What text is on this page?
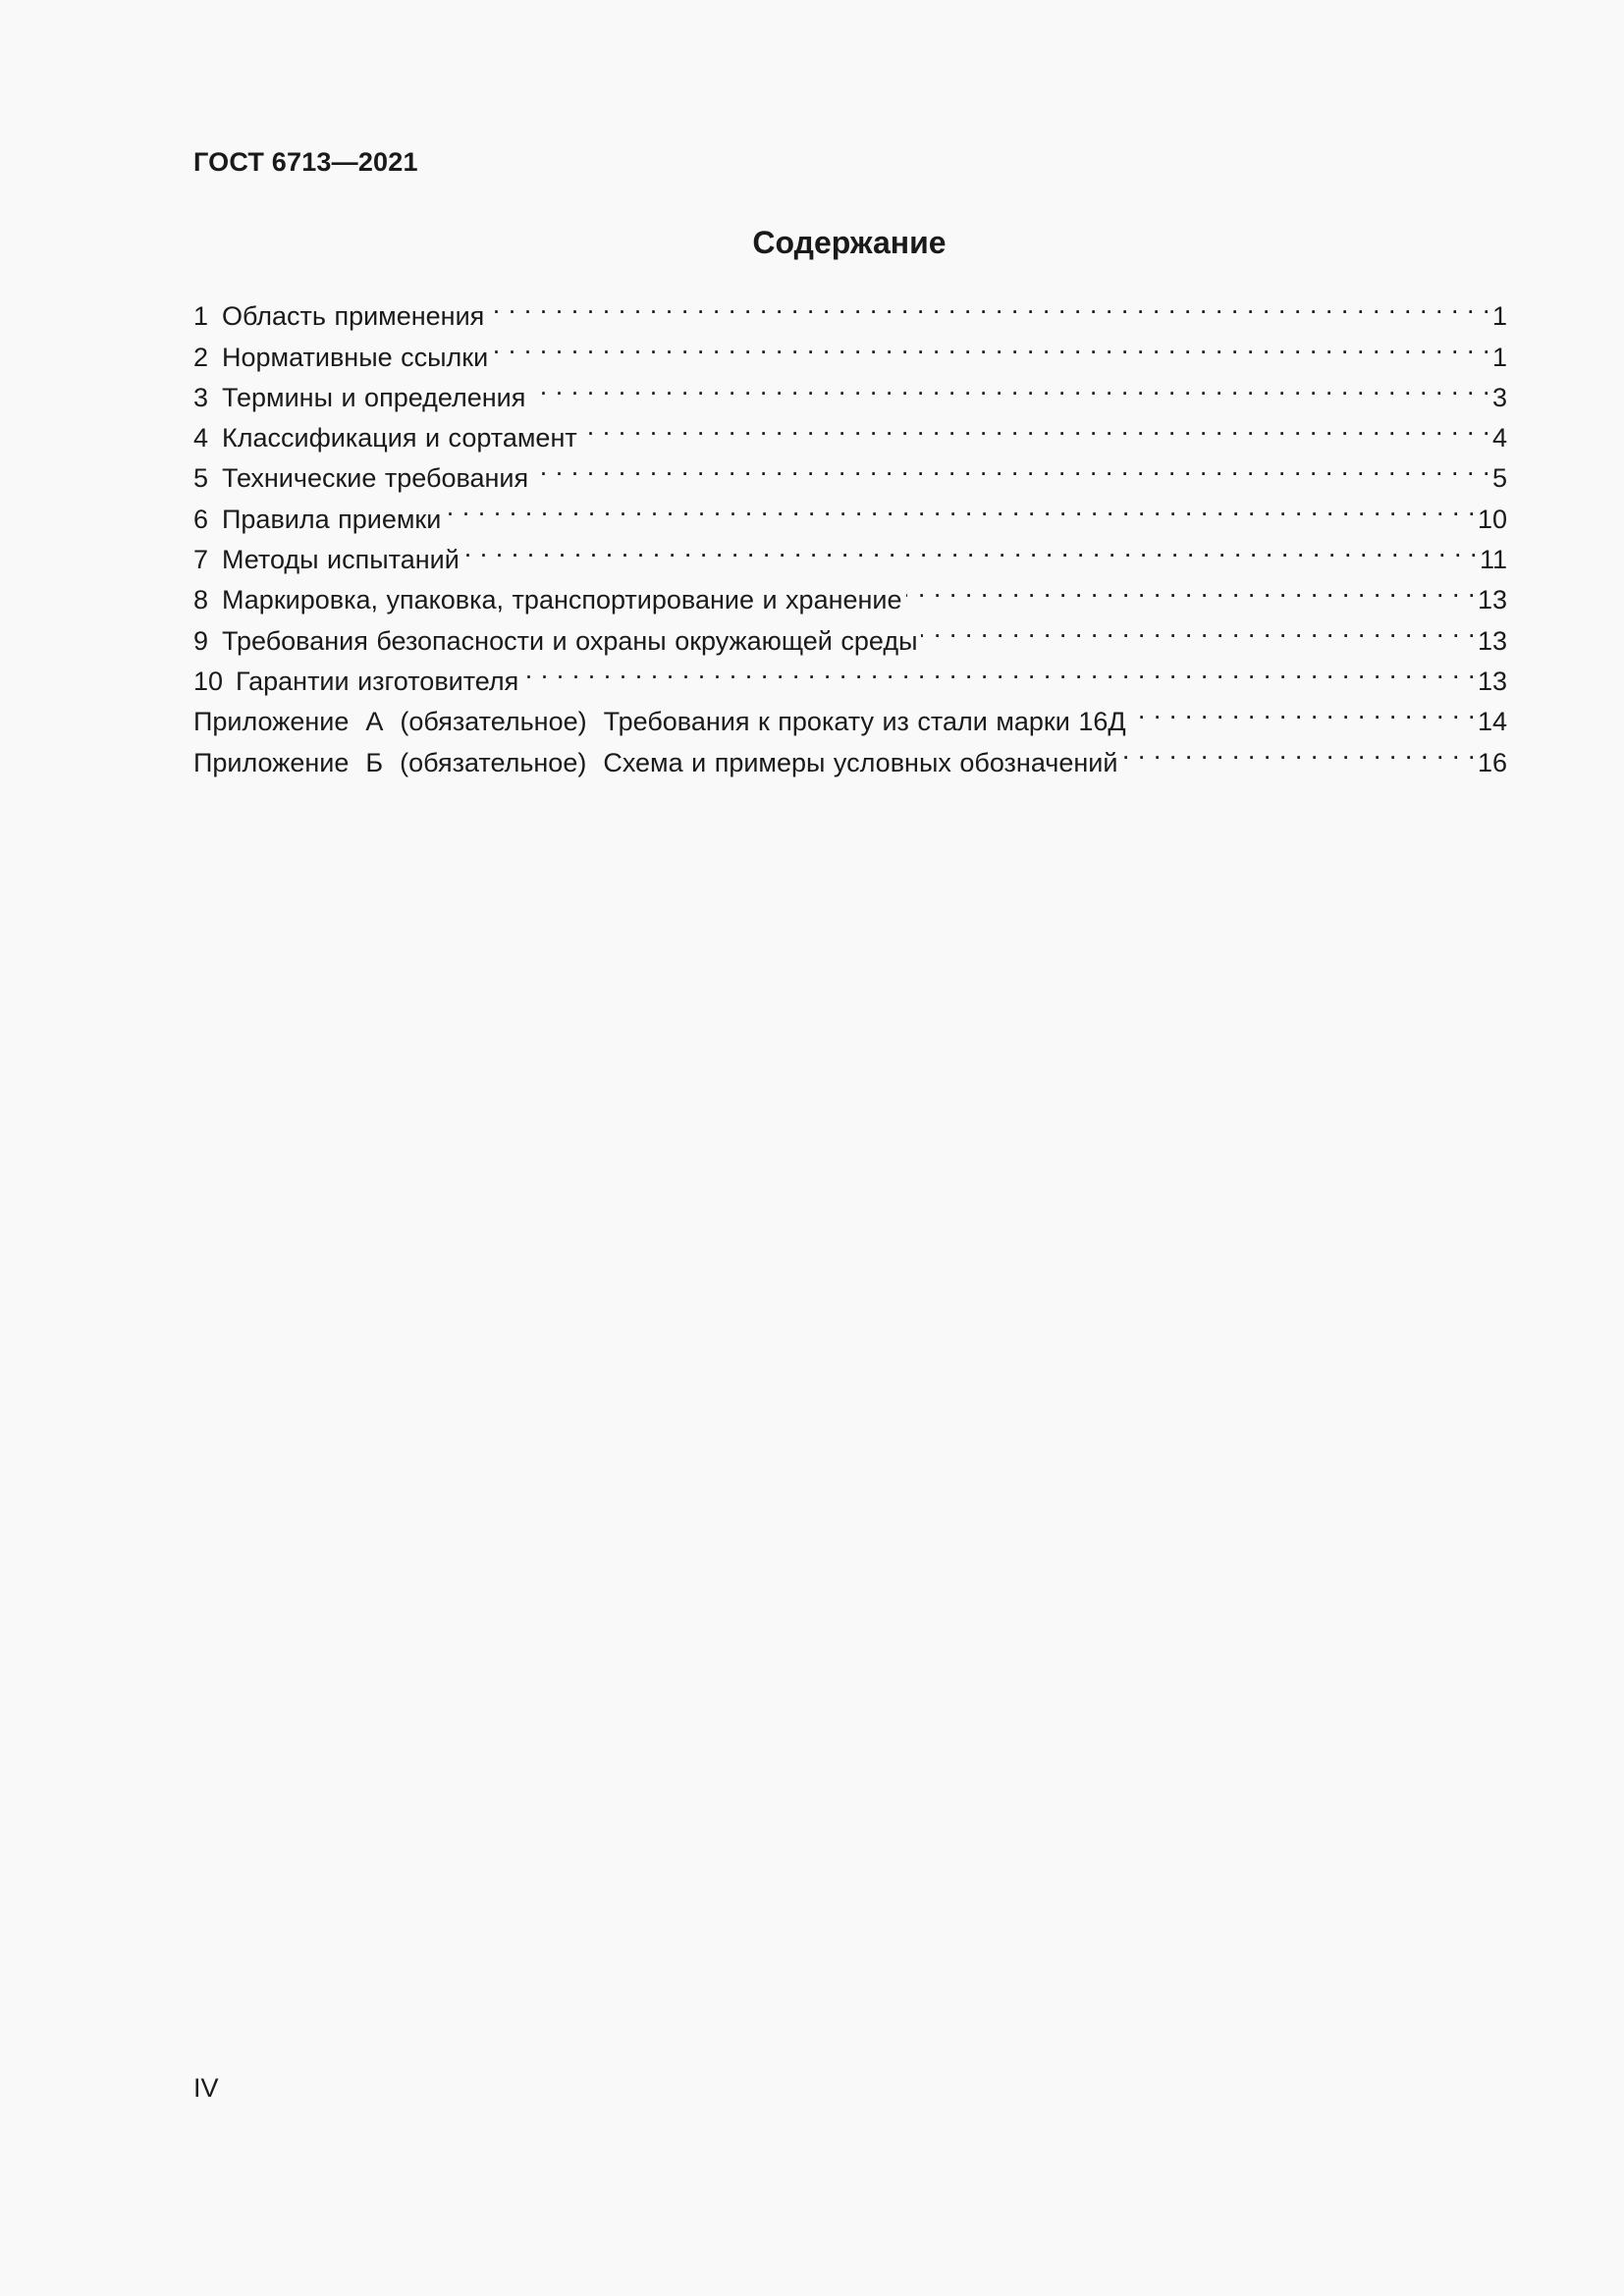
ГОСТ 6713—2021
Содержание
1 Область применения . . .	1
2 Нормативные ссылки . . .	1
3 Термины и определения . . .	3
4 Классификация и сортамент . . .	4
5 Технические требования . . .	5
6 Правила приемки . . .	10
7 Методы испытаний . . .	11
8 Маркировка, упаковка, транспортирование и хранение . . .	13
9 Требования безопасности и охраны окружающей среды . . .	13
10 Гарантии изготовителя . . .	13
Приложение  А  (обязательное)  Требования к прокату из стали марки 16Д . . .	14
Приложение  Б  (обязательное)  Схема и примеры условных обозначений . . .	16
IV
